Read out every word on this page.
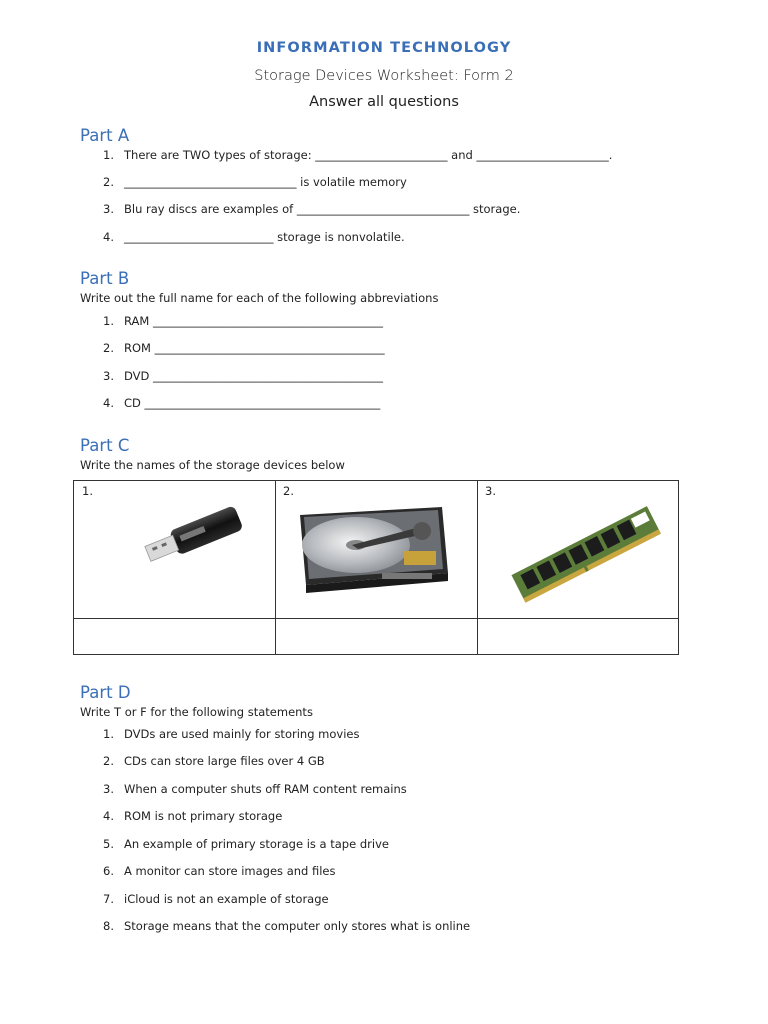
INFORMATION TECHNOLOGY
Storage Devices Worksheet: Form 2
Answer all questions
Part A
1. There are TWO types of storage: _______________________ and _______________________.
2. ______________________________ is volatile memory
3. Blu ray discs are examples of ______________________________ storage.
4. __________________________ storage is nonvolatile.
Part B
Write out the full name for each of the following abbreviations
1. RAM ________________________________________
2. ROM ________________________________________
3. DVD ________________________________________
4. CD _________________________________________
Part C
Write the names of the storage devices below
1.	2.	3.
Part D
Write T or F for the following statements
1. DVDs are used mainly for storing movies
2. CDs can store large files over 4 GB
3. When a computer shuts off RAM content remains
4. ROM is not primary storage
5. An example of primary storage is a tape drive
6. A monitor can store images and files
7. iCloud is not an example of storage
8. Storage means that the computer only stores what is online
